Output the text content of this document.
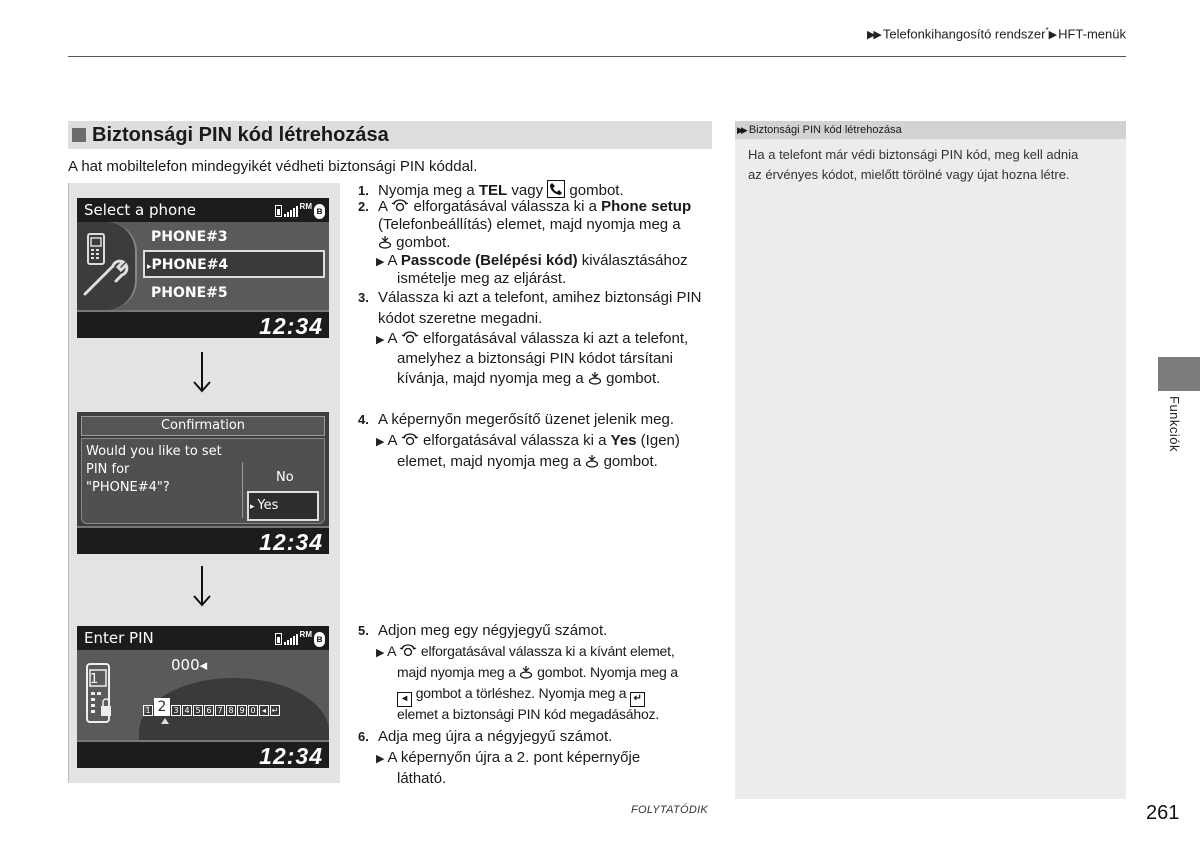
▶▶ Telefonkihangosító rendszer*▶ HFT-menük
Biztonsági PIN kód létrehozása
A hat mobiltelefon mindegyikét védheti biztonsági PIN kóddal.
Select a phone	RM ʙ
PHONE#3
▸PHONE#4
PHONE#5
12:34
Confirmation
Would you like to set
PIN for
"PHONE#4"?
No
▸ Yes
12:34
Enter PIN	RM ʙ
000◂
1
1 2 3 4 5 6 7 8 9 0 ◂ ↵
12:34
1. Nyomja meg a TEL vagy
gombot.
2. A  elforgatásával válassza ki a Phone setup
(Telefonbeállítás) elemet, majd nyomja meg a
gombot.
▶ A Passcode (Belépési kód) kiválasztásához
ismételje meg az eljárást.
3. Válassza ki azt a telefont, amihez biztonsági PIN
kódot szeretne megadni.
▶ A  elforgatásával válassza ki azt a telefont,
amelyhez a biztonsági PIN kódot társítani
kívánja, majd nyomja meg a  gombot.
4. A képernyőn megerősítő üzenet jelenik meg.
▶ A  elforgatásával válassza ki a Yes (Igen)
elemet, majd nyomja meg a  gombot.
5. Adjon meg egy négyjegyű számot.
▶ A  elforgatásával válassza ki a kívánt elemet,
majd nyomja meg a  gombot. Nyomja meg a
◂ gombot a törléshez. Nyomja meg a ↵
elemet a biztonsági PIN kód megadásához.
6. Adja meg újra a négyjegyű számot.
▶ A képernyőn újra a 2. pont képernyője
látható.
▶▶ Biztonsági PIN kód létrehozása
Ha a telefont már védi biztonsági PIN kód, meg kell adnia
az érvényes kódot, mielőtt törölné vagy újat hozna létre.
Funkciók
FOLYTATÓDIK	261
